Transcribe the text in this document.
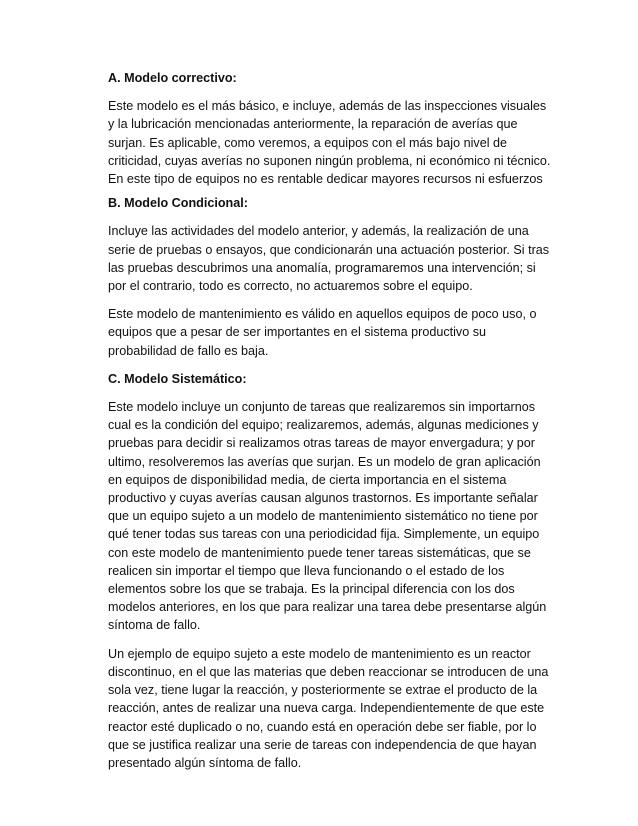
A. Modelo correctivo:
Este modelo es el más básico, e incluye, además de las inspecciones visuales
y la lubricación mencionadas anteriormente, la reparación de averías que
surjan. Es aplicable, como veremos, a equipos con el más bajo nivel de
criticidad, cuyas averías no suponen ningún problema, ni económico ni técnico.
En este tipo de equipos no es rentable dedicar mayores recursos ni esfuerzos
B. Modelo Condicional:
Incluye las actividades del modelo anterior, y además, la realización de una
serie de pruebas o ensayos, que condicionarán una actuación posterior. Si tras
las pruebas descubrimos una anomalía, programaremos una intervención; si
por el contrario, todo es correcto, no actuaremos sobre el equipo.
Este modelo de mantenimiento es válido en aquellos equipos de poco uso, o
equipos que a pesar de ser importantes en el sistema productivo su
probabilidad de fallo es baja.
C. Modelo Sistemático:
Este modelo incluye un conjunto de tareas que realizaremos sin importarnos
cual es la condición del equipo; realizaremos, además, algunas mediciones y
pruebas para decidir si realizamos otras tareas de mayor envergadura; y por
ultimo, resolveremos las averías que surjan. Es un modelo de gran aplicación
en equipos de disponibilidad media, de cierta importancia en el sistema
productivo y cuyas averías causan algunos trastornos. Es importante señalar
que un equipo sujeto a un modelo de mantenimiento sistemático no tiene por
qué tener todas sus tareas con una periodicidad fija. Simplemente, un equipo
con este modelo de mantenimiento puede tener tareas sistemáticas, que se
realicen sin importar el tiempo que lleva funcionando o el estado de los
elementos sobre los que se trabaja. Es la principal diferencia con los dos
modelos anteriores, en los que para realizar una tarea debe presentarse algún
síntoma de fallo.
Un ejemplo de equipo sujeto a este modelo de mantenimiento es un reactor
discontinuo, en el que las materias que deben reaccionar se introducen de una
sola vez, tiene lugar la reacción, y posteriormente se extrae el producto de la
reacción, antes de realizar una nueva carga. Independientemente de que este
reactor esté duplicado o no, cuando está en operación debe ser fiable, por lo
que se justifica realizar una serie de tareas con independencia de que hayan
presentado algún síntoma de fallo.
